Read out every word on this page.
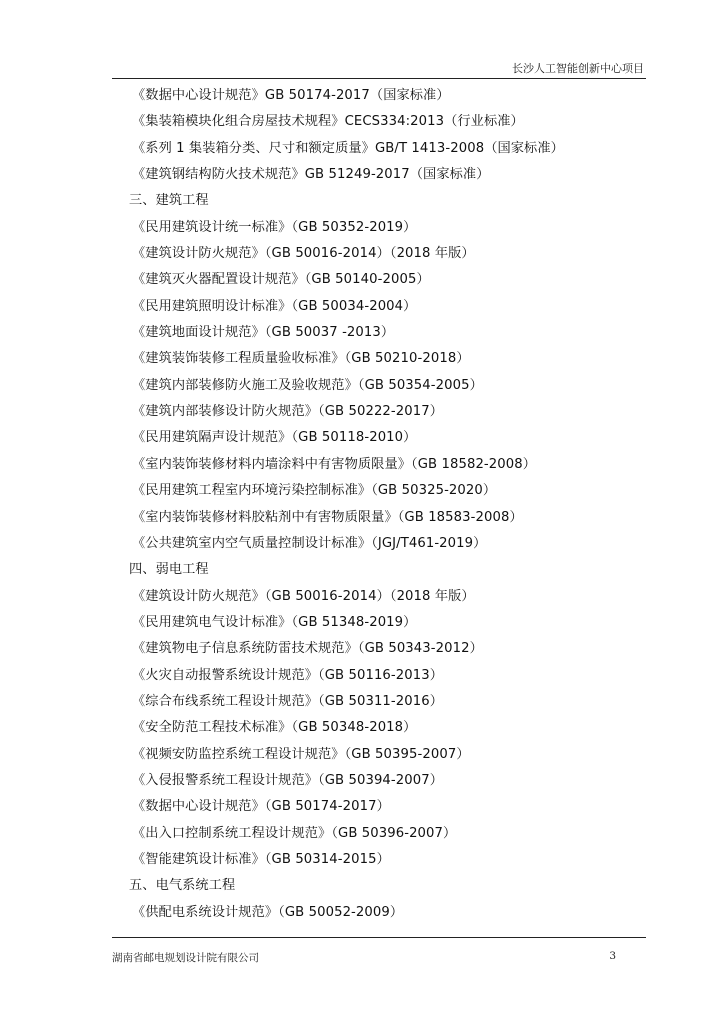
长沙人工智能创新中心项目
《数据中心设计规范》GB 50174-2017（国家标准）
《集装箱模块化组合房屋技术规程》CECS334:2013（行业标准）
《系列 1 集装箱分类、尺寸和额定质量》GB/T 1413-2008（国家标准）
《建筑钢结构防火技术规范》GB 51249-2017（国家标准）
三、建筑工程
《民用建筑设计统一标准》（GB 50352-2019）
《建筑设计防火规范》（GB 50016-2014）（2018 年版）
《建筑灭火器配置设计规范》（GB 50140-2005）
《民用建筑照明设计标准》（GB 50034-2004）
《建筑地面设计规范》（GB 50037 -2013）
《建筑装饰装修工程质量验收标准》（GB 50210-2018）
《建筑内部装修防火施工及验收规范》（GB 50354-2005）
《建筑内部装修设计防火规范》（GB 50222-2017）
《民用建筑隔声设计规范》（GB 50118-2010）
《室内装饰装修材料内墙涂料中有害物质限量》（GB 18582-2008）
《民用建筑工程室内环境污染控制标准》（GB 50325-2020）
《室内装饰装修材料胶粘剂中有害物质限量》（GB 18583-2008）
《公共建筑室内空气质量控制设计标准》（JGJ/T461-2019）
四、弱电工程
《建筑设计防火规范》（GB 50016-2014）（2018 年版）
《民用建筑电气设计标准》（GB 51348-2019）
《建筑物电子信息系统防雷技术规范》（GB 50343-2012）
《火灾自动报警系统设计规范》（GB 50116-2013）
《综合布线系统工程设计规范》（GB 50311-2016）
《安全防范工程技术标准》（GB 50348-2018）
《视频安防监控系统工程设计规范》（GB 50395-2007）
《入侵报警系统工程设计规范》（GB 50394-2007）
《数据中心设计规范》（GB 50174-2017）
《出入口控制系统工程设计规范》（GB 50396-2007）
《智能建筑设计标准》（GB 50314-2015）
五、电气系统工程
《供配电系统设计规范》（GB 50052-2009）
湖南省邮电规划设计院有限公司	3
